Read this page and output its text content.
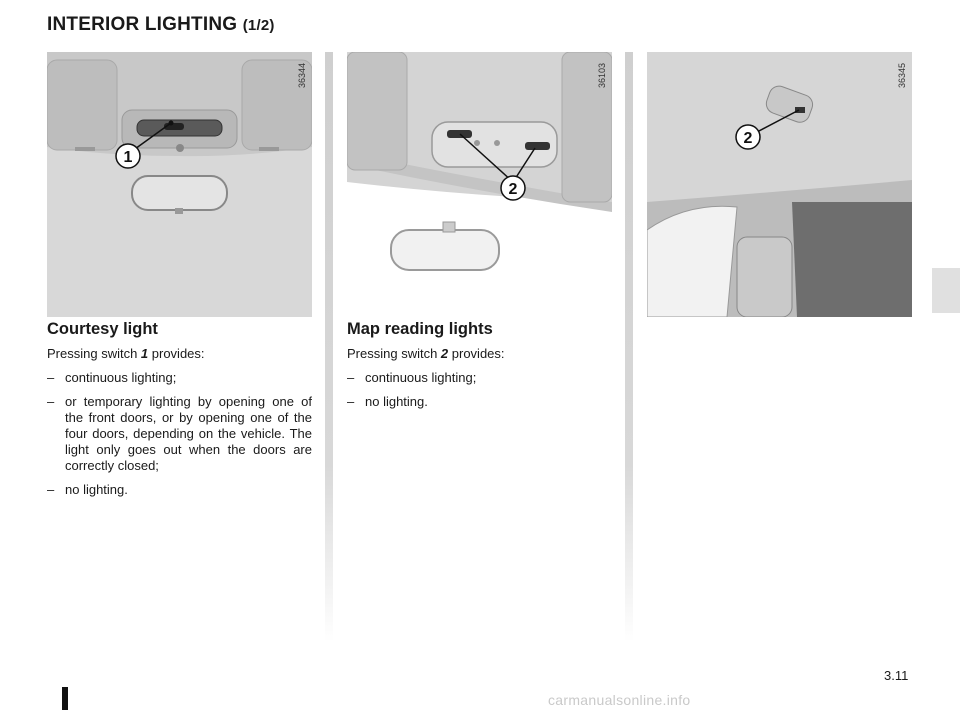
INTERIOR LIGHTING (1/2)
1
36344
2
36103
2
36345
Courtesy light

Pressing switch 1 provides:

– continuous lighting;
– or temporary lighting by opening one of the front doors, or by opening one of the four doors, depending on the vehicle. The light only goes out when the doors are correctly closed;
– no lighting.
Map reading lights

Pressing switch 2 provides:

– continuous lighting;
– no lighting.
3.11
carmanualsonline.info
